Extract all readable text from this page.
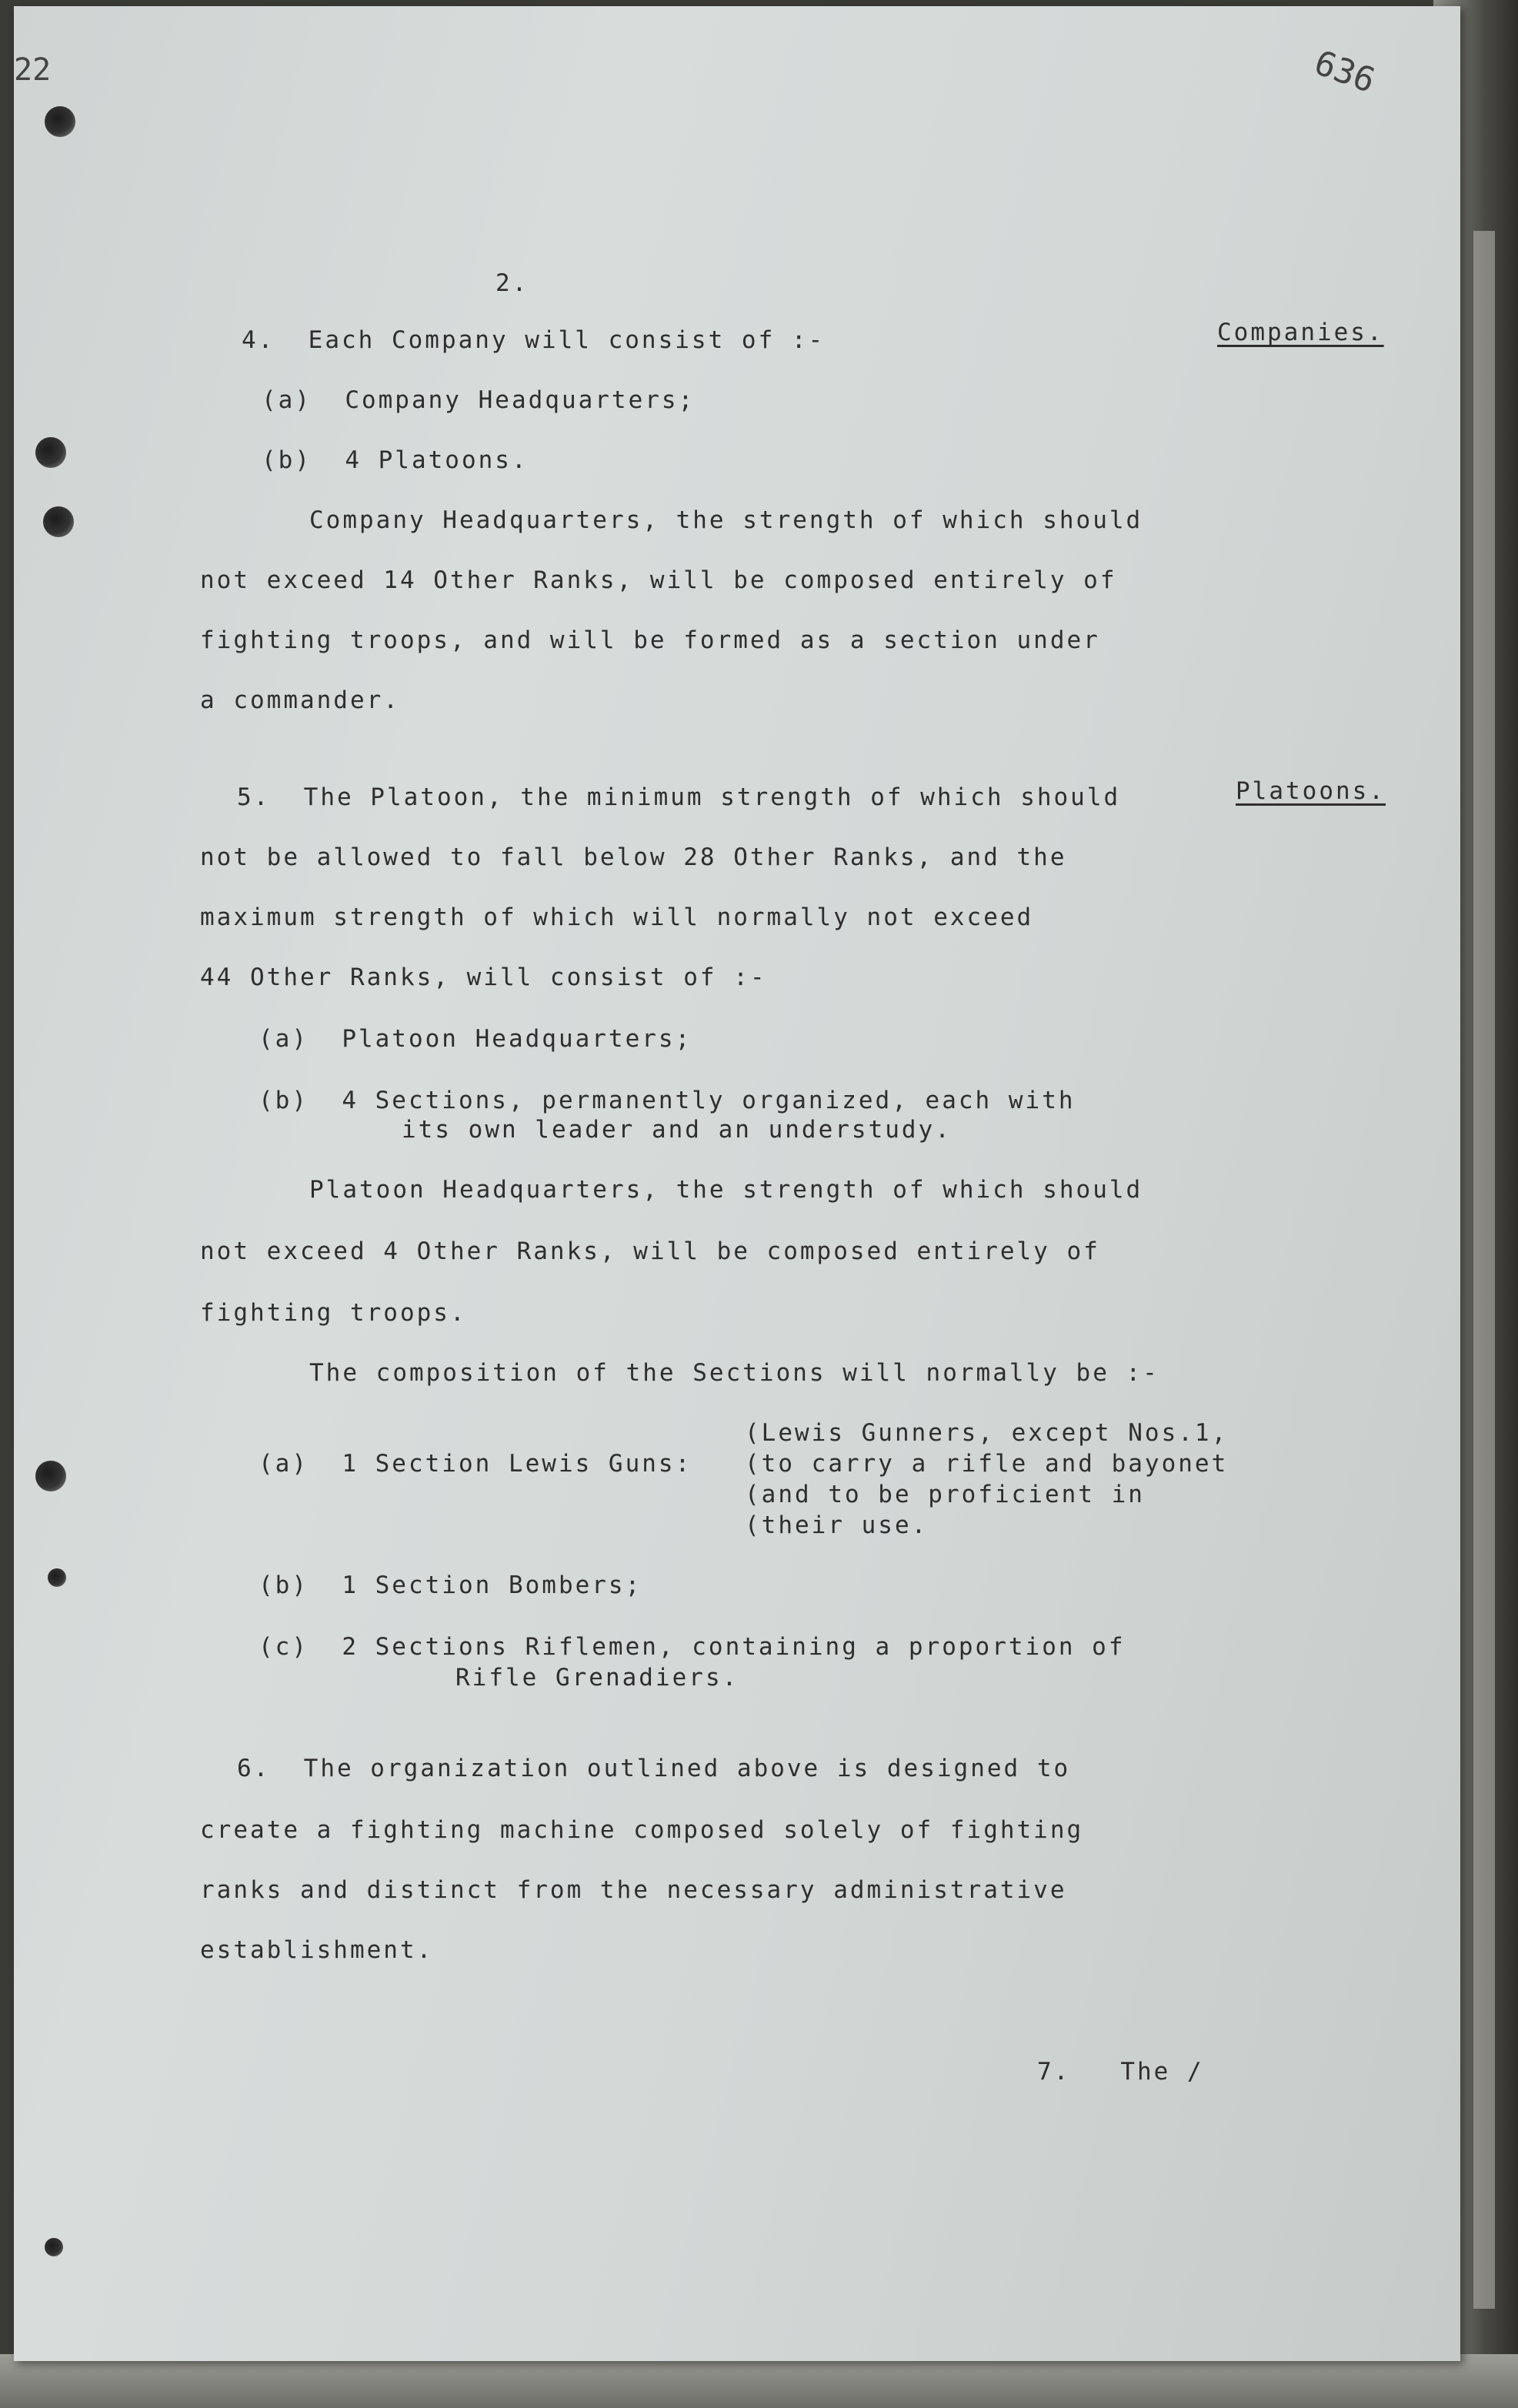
22	636
2.
4.  Each Company will consist of :-	Companies.
(a)  Company Headquarters;
(b)  4 Platoons.
Company Headquarters, the strength of which should
not exceed 14 Other Ranks, will be composed entirely of
fighting troops, and will be formed as a section under
a commander.
5.  The Platoon, the minimum strength of which should	Platoons.
not be allowed to fall below 28 Other Ranks, and the
maximum strength of which will normally not exceed
44 Other Ranks, will consist of :-
(a)  Platoon Headquarters;
(b)  4 Sections, permanently organized, each with
its own leader and an understudy.
Platoon Headquarters, the strength of which should
not exceed 4 Other Ranks, will be composed entirely of
fighting troops.
The composition of the Sections will normally be :-
(a)  1 Section Lewis Guns:
(Lewis Gunners, except Nos.1,
(to carry a rifle and bayonet
(and to be proficient in
(their use.
(b)  1 Section Bombers;
(c)  2 Sections Riflemen, containing a proportion of
Rifle Grenadiers.
6.  The organization outlined above is designed to
create a fighting machine composed solely of fighting
ranks and distinct from the necessary administrative
establishment.
7.   The /
